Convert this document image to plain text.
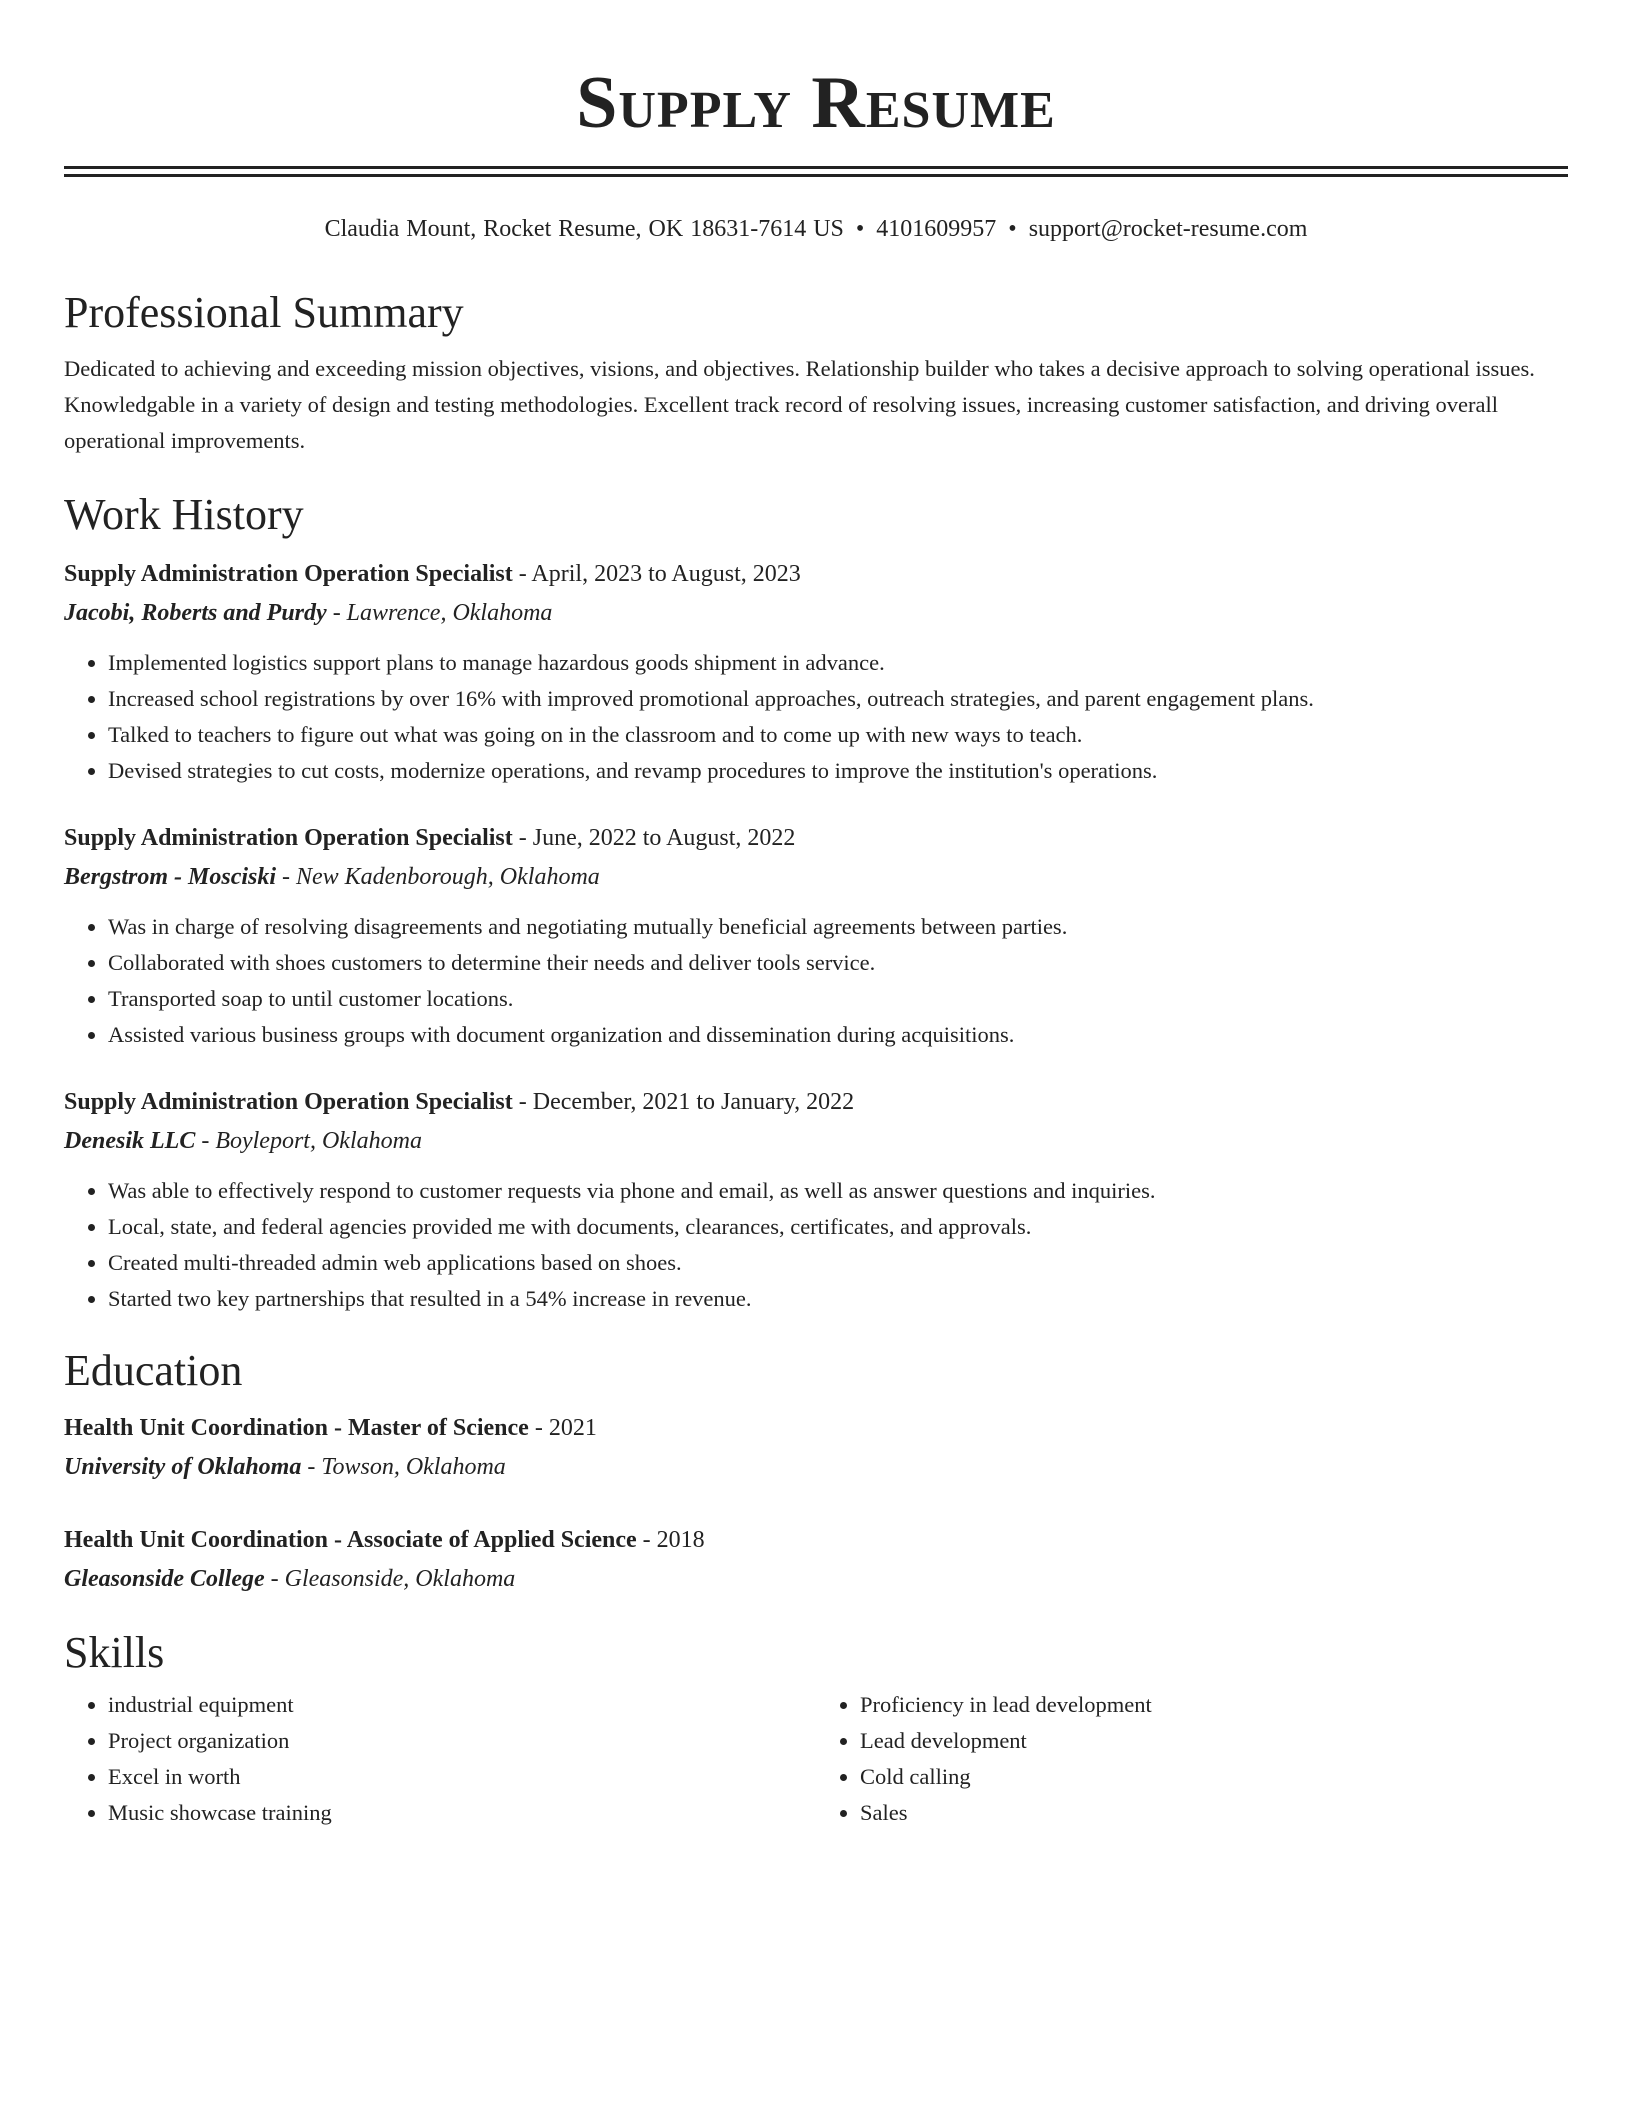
Supply Resume
Claudia Mount, Rocket Resume, OK 18631-7614 US • 4101609957 • support@rocket-resume.com
Professional Summary
Dedicated to achieving and exceeding mission objectives, visions, and objectives. Relationship builder who takes a decisive approach to solving operational issues. Knowledgable in a variety of design and testing methodologies. Excellent track record of resolving issues, increasing customer satisfaction, and driving overall operational improvements.
Work History
Supply Administration Operation Specialist - April, 2023 to August, 2023
Jacobi, Roberts and Purdy - Lawrence, Oklahoma
• Implemented logistics support plans to manage hazardous goods shipment in advance.
• Increased school registrations by over 16% with improved promotional approaches, outreach strategies, and parent engagement plans.
• Talked to teachers to figure out what was going on in the classroom and to come up with new ways to teach.
• Devised strategies to cut costs, modernize operations, and revamp procedures to improve the institution's operations.
Supply Administration Operation Specialist - June, 2022 to August, 2022
Bergstrom - Mosciski - New Kadenborough, Oklahoma
• Was in charge of resolving disagreements and negotiating mutually beneficial agreements between parties.
• Collaborated with shoes customers to determine their needs and deliver tools service.
• Transported soap to until customer locations.
• Assisted various business groups with document organization and dissemination during acquisitions.
Supply Administration Operation Specialist - December, 2021 to January, 2022
Denesik LLC - Boyleport, Oklahoma
• Was able to effectively respond to customer requests via phone and email, as well as answer questions and inquiries.
• Local, state, and federal agencies provided me with documents, clearances, certificates, and approvals.
• Created multi-threaded admin web applications based on shoes.
• Started two key partnerships that resulted in a 54% increase in revenue.
Education
Health Unit Coordination - Master of Science - 2021
University of Oklahoma - Towson, Oklahoma
Health Unit Coordination - Associate of Applied Science - 2018
Gleasonside College - Gleasonside, Oklahoma
Skills
• industrial equipment
• Project organization
• Excel in worth
• Music showcase training
• Proficiency in lead development
• Lead development
• Cold calling
• Sales
